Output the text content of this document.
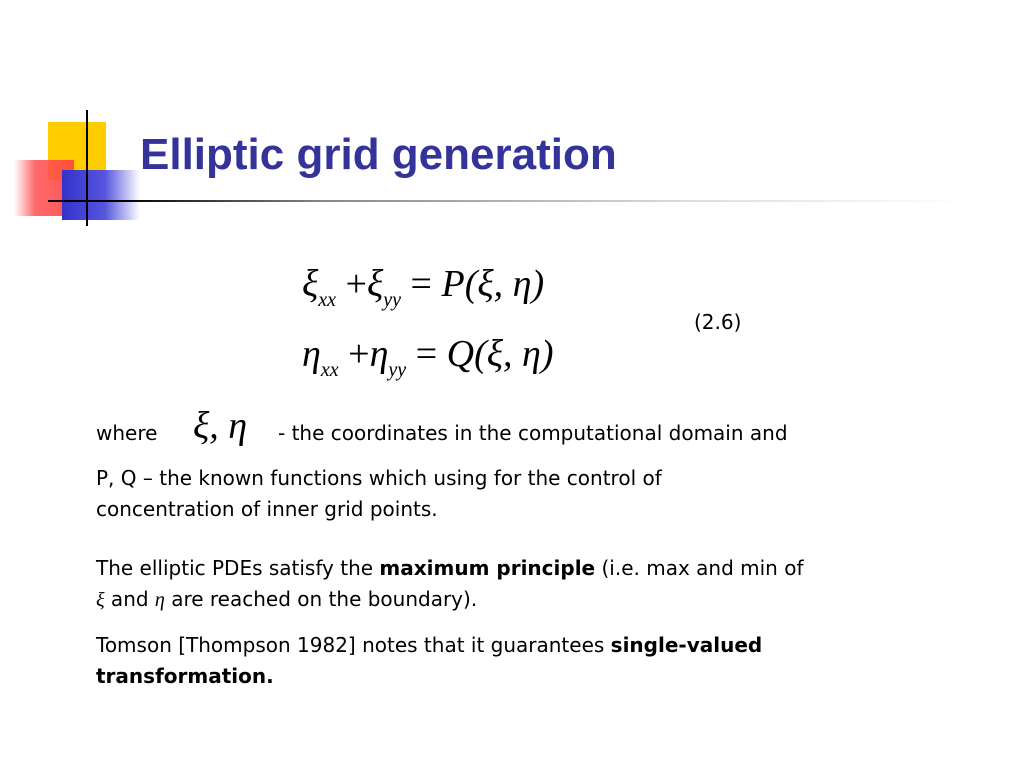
Elliptic grid generation
$\xi_{xx} +\xi_{yy} = P(\xi$, η)
$\eta_{xx} +\eta_{yy} = Q(\xi$, η)
(2.6)
where ξ, η - the coordinates in the computational domain and
P, Q – the known functions which using for the control of
concentration of inner grid points.
The elliptic PDEs satisfy the maximum principle (i.e. max and min of
ξ and η are reached on the boundary).
Tomson [Thompson 1982] notes that it guarantees single-valued
transformation.
